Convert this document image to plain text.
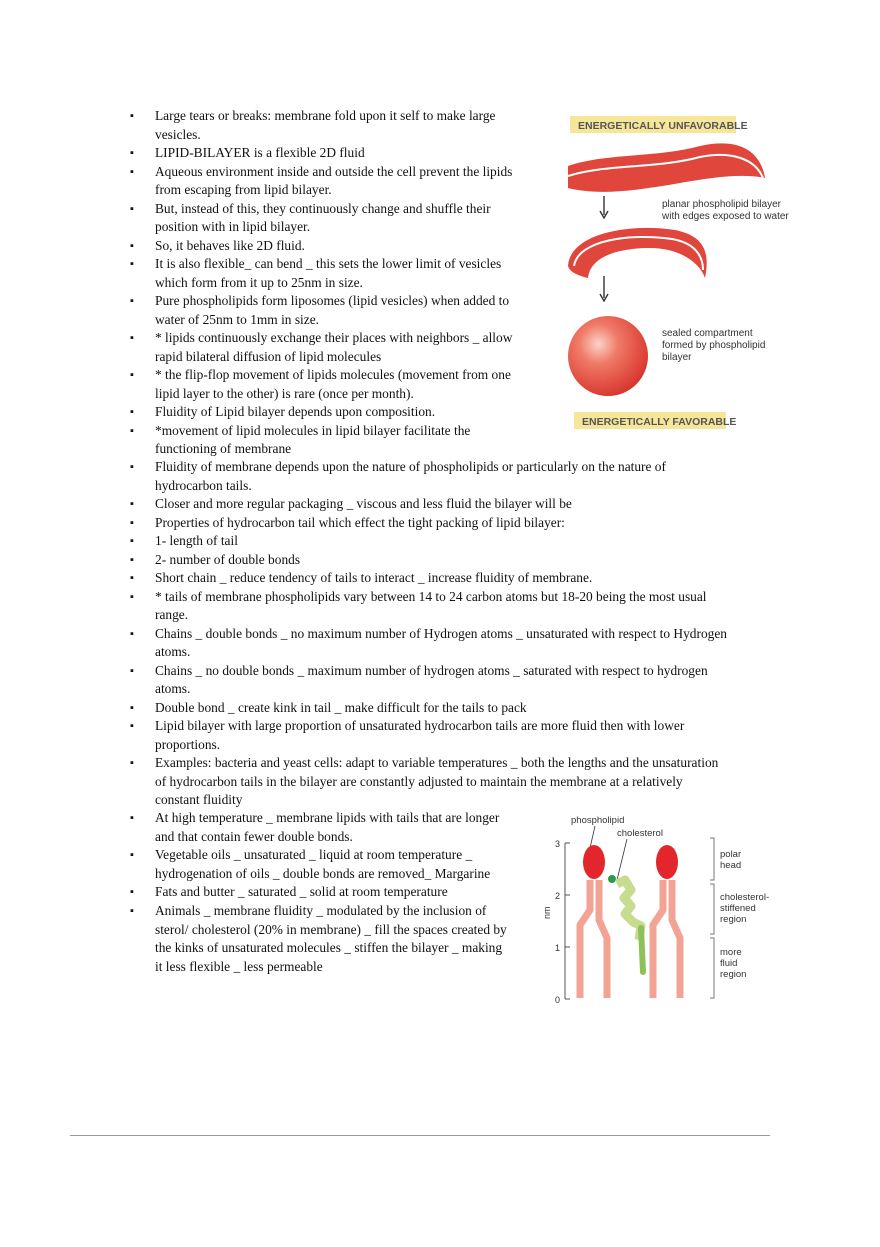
▪ Large tears or breaks: membrane fold upon it self to make large vesicles.
▪ LIPID-BILAYER is a flexible 2D fluid
▪ Aqueous environment inside and outside the cell prevent the lipids from escaping from lipid bilayer.
▪ But, instead of this, they continuously change and shuffle their position with in lipid bilayer.
▪ So, it behaves like 2D fluid.
▪ It is also flexible_ can bend _ this sets the lower limit of vesicles which form from it up to 25nm in size.
▪ Pure phospholipids form liposomes (lipid vesicles) when added to water of 25nm to 1mm in size.
▪ * lipids continuously exchange their places with neighbors _ allow rapid bilateral diffusion of lipid molecules
▪ * the flip-flop movement of lipids molecules (movement from one lipid layer to the other) is rare (once per month).
▪ Fluidity of Lipid bilayer depends upon composition.
▪ *movement of lipid molecules in lipid bilayer facilitate the functioning of membrane
ENERGETICALLY UNFAVORABLE
planar phospholipid bilayer
with edges exposed to water
sealed compartment
formed by phospholipid
bilayer
ENERGETICALLY FAVORABLE
▪ Fluidity of membrane depends upon the nature of phospholipids or particularly on the nature of hydrocarbon tails.
▪ Closer and more regular packaging _ viscous and less fluid the bilayer will be
▪ Properties of hydrocarbon tail which effect the tight packing of lipid bilayer:
▪ 1- length of tail
▪ 2- number of double bonds
▪ Short chain _ reduce tendency of tails to interact _ increase fluidity of membrane.
▪ * tails of membrane phospholipids vary between 14 to 24 carbon atoms but 18-20 being the most usual range.
▪ Chains _ double bonds _ no maximum number of Hydrogen atoms _ unsaturated with respect to Hydrogen atoms.
▪ Chains _ no double bonds _ maximum number of hydrogen atoms _ saturated with respect to hydrogen atoms.
▪ Double bond _ create kink in tail _ make difficult for the tails to pack
▪ Lipid bilayer with large proportion of unsaturated hydrocarbon tails are more fluid then with lower proportions.
▪ Examples: bacteria and yeast cells: adapt to variable temperatures _ both the lengths and the unsaturation of hydrocarbon tails in the bilayer are constantly adjusted to maintain the membrane at a relatively constant fluidity
▪ At high temperature _ membrane lipids with tails that are longer and that contain fewer double bonds.
▪ Vegetable oils _ unsaturated _ liquid at room temperature _ hydrogenation of oils _ double bonds are removed_ Margarine
▪ Fats and butter _ saturated _ solid at room temperature
▪ Animals _ membrane fluidity _ modulated by the inclusion of sterol/ cholesterol (20% in membrane) _ fill the spaces created by the kinks of unsaturated molecules _ stiffen the bilayer _ making it less flexible _ less permeable
phospholipid
cholesterol
3
2
1
0
nm
polar
head
cholesterol-
stiffened
region
more
fluid
region
